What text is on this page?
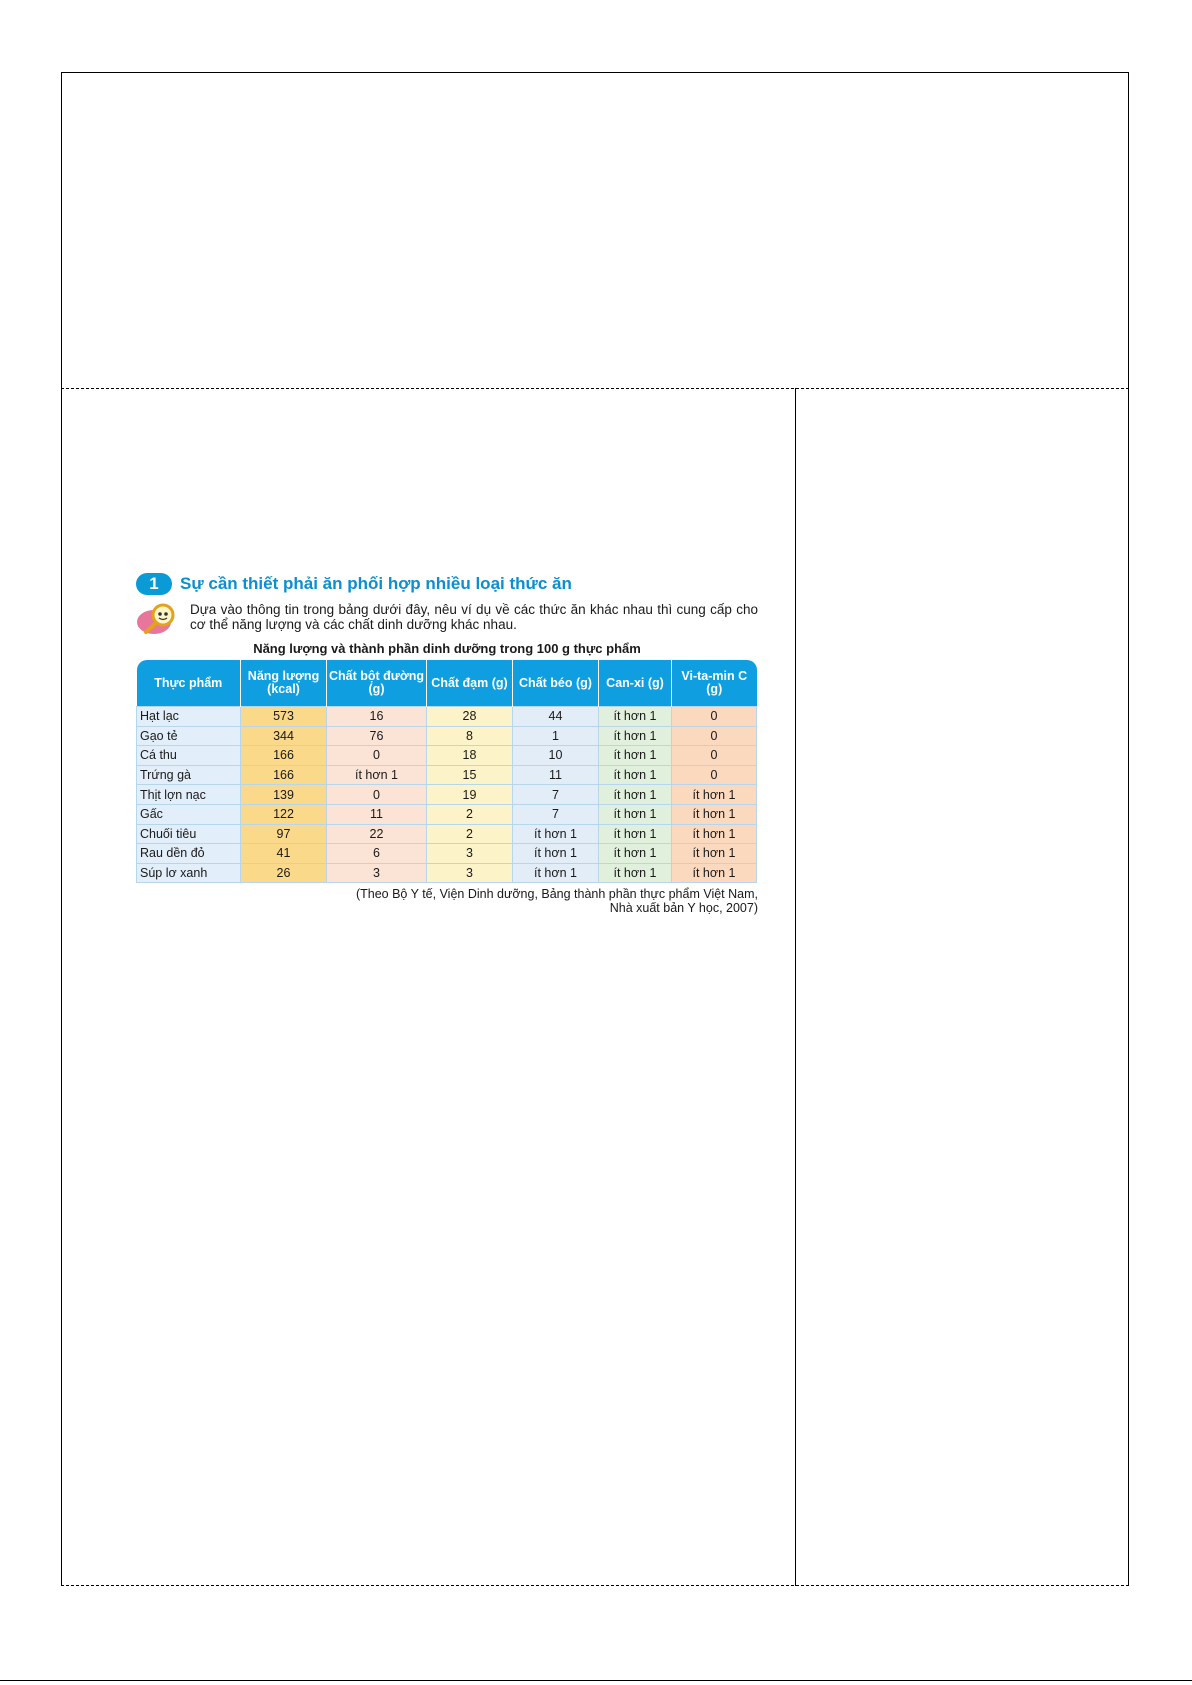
1	Sự cần thiết phải ăn phối hợp nhiều loại thức ăn
Dựa vào thông tin trong bảng dưới đây, nêu ví dụ về các thức ăn khác nhau thì cung cấp cho cơ thể năng lượng và các chất dinh dưỡng khác nhau.
Năng lượng và thành phần dinh dưỡng trong 100 g thực phẩm
Thực phẩm	Năng lượng (kcal)	Chất bột đường (g)	Chất đạm (g)	Chất béo (g)	Can-xi (g)	Vi-ta-min C (g)
Hạt lạc	573	16	28	44	ít hơn 1	0
Gạo tẻ	344	76	8	1	ít hơn 1	0
Cá thu	166	0	18	10	ít hơn 1	0
Trứng gà	166	ít hơn 1	15	11	ít hơn 1	0
Thịt lợn nạc	139	0	19	7	ít hơn 1	ít hơn 1
Gấc	122	11	2	7	ít hơn 1	ít hơn 1
Chuối tiêu	97	22	2	ít hơn 1	ít hơn 1	ít hơn 1
Rau dền đỏ	41	6	3	ít hơn 1	ít hơn 1	ít hơn 1
Súp lơ xanh	26	3	3	ít hơn 1	ít hơn 1	ít hơn 1
(Theo Bộ Y tế, Viện Dinh dưỡng, Bảng thành phần thực phẩm Việt Nam,
Nhà xuất bản Y học, 2007)
